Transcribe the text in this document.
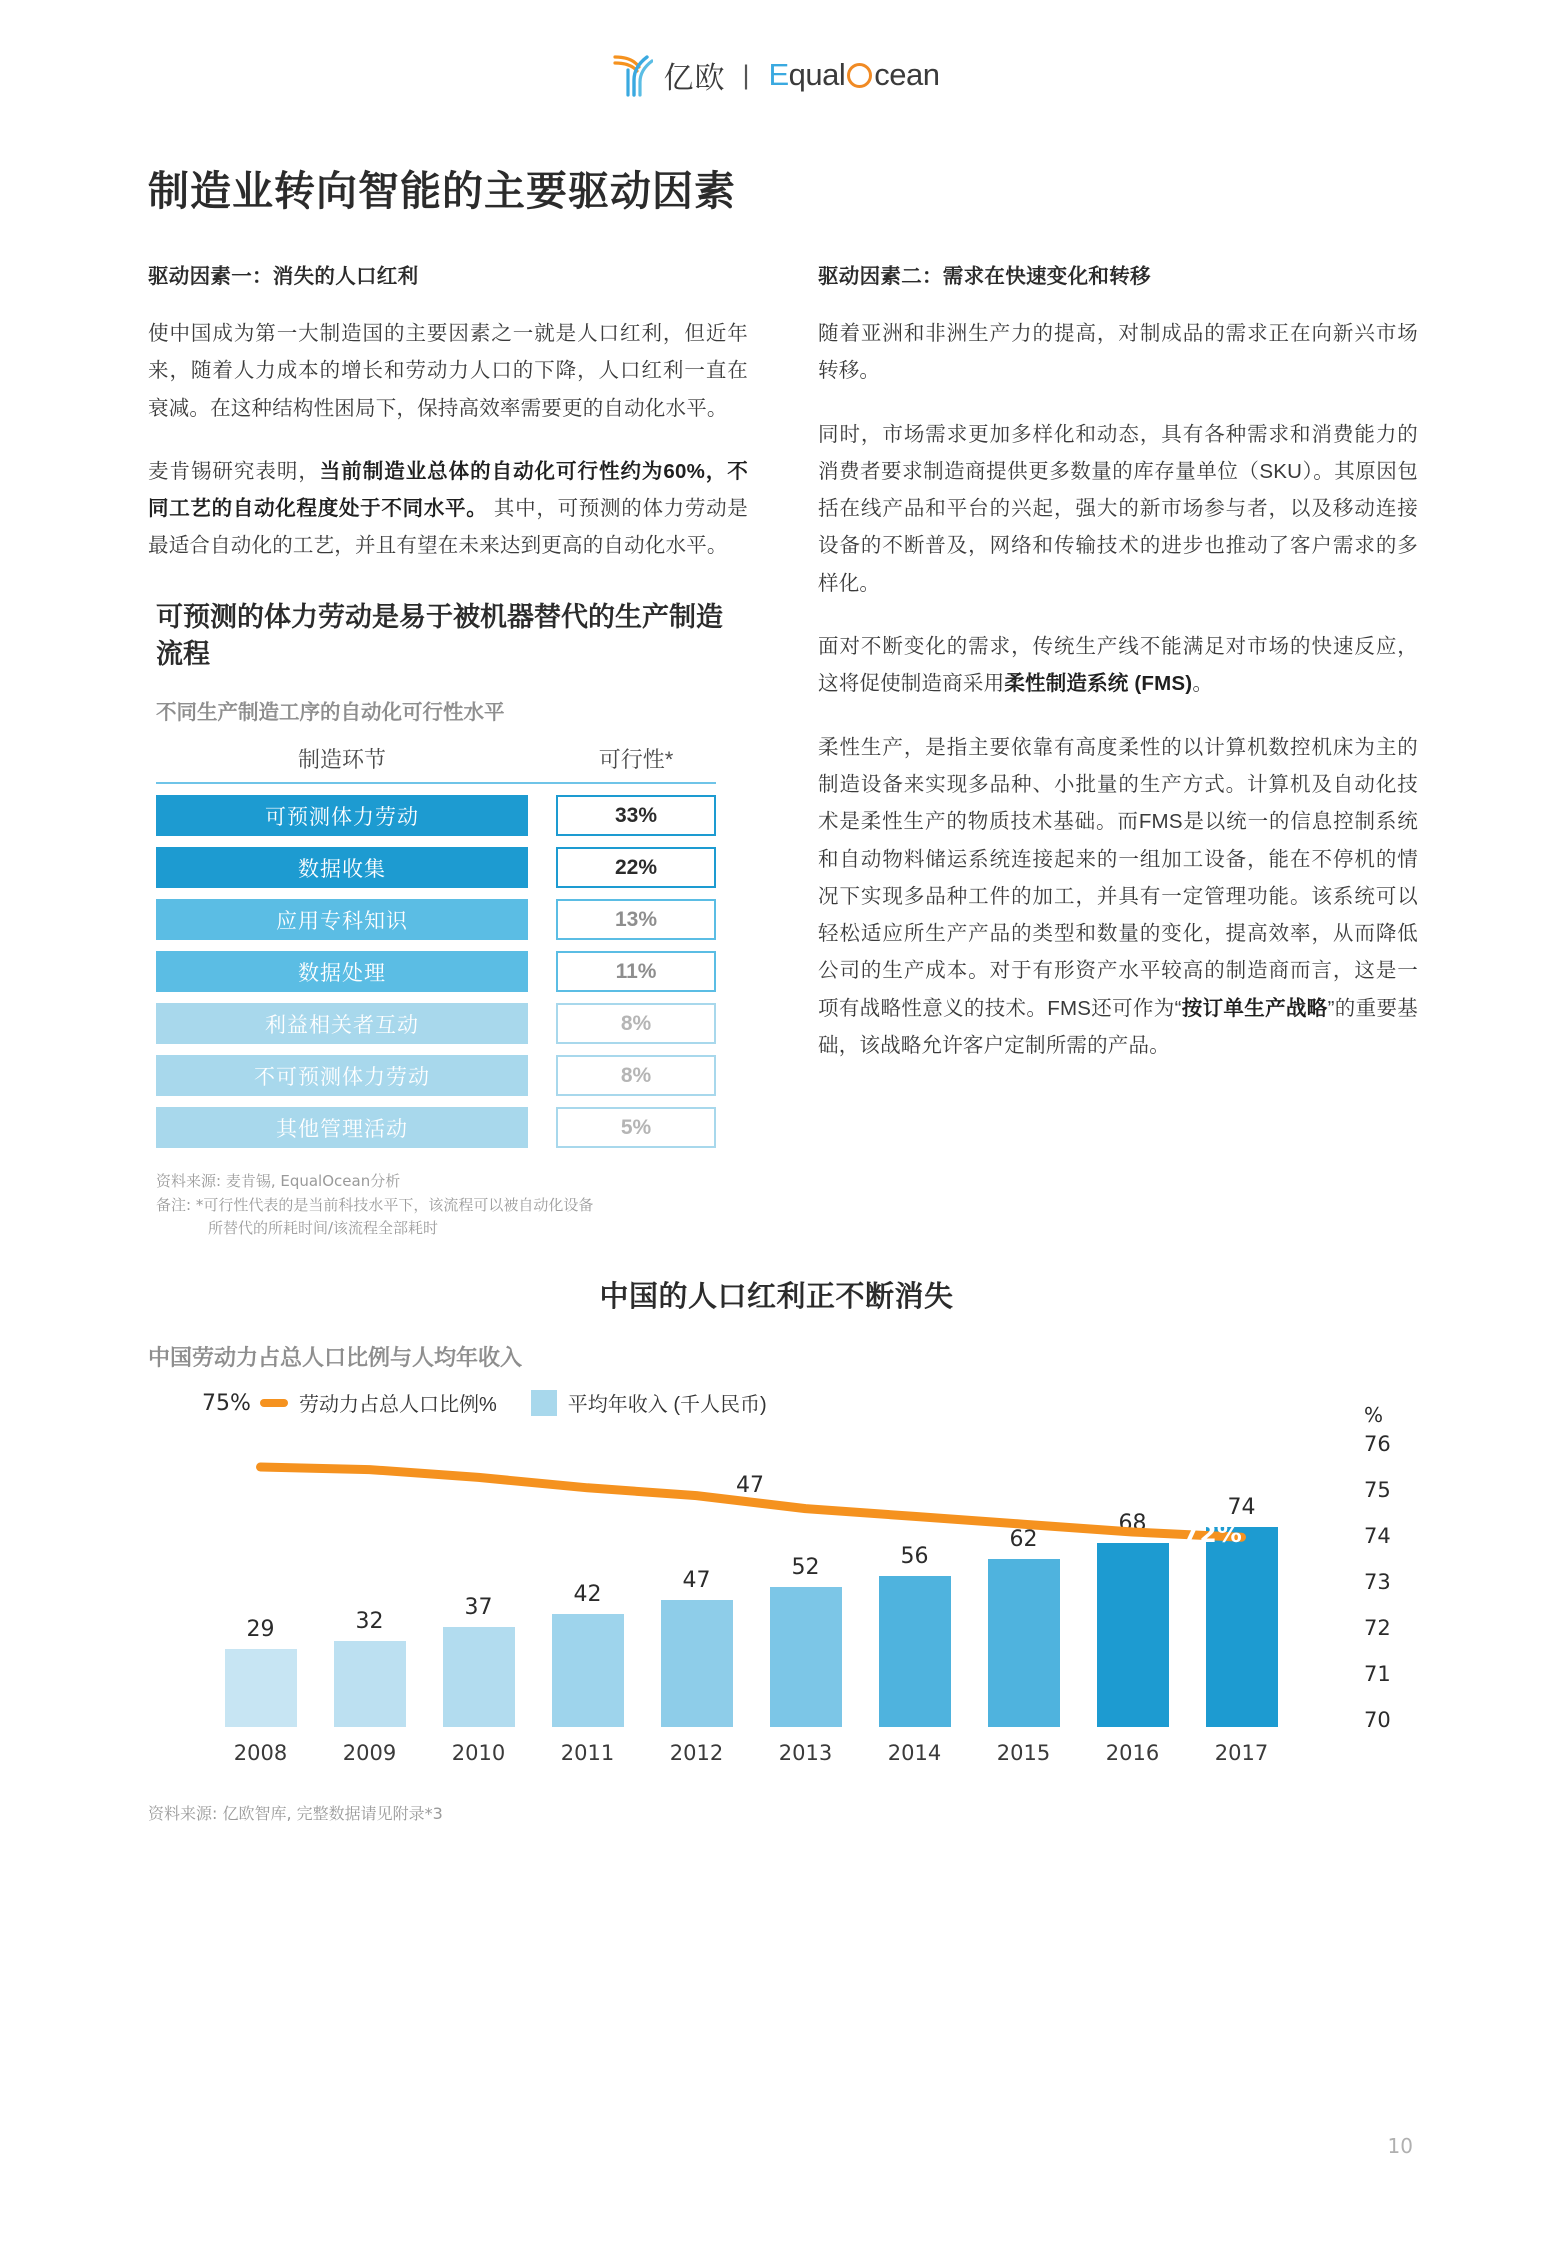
亿欧 | E qual cean
制造业转向智能的主要驱动因素
驱动因素一：消失的人口红利

使中国成为第一大制造国的主要因素之一就是人口红利，但近年来，随着人力成本的增长和劳动力人口的下降，人口红利一直在衰减。在这种结构性困局下，保持高效率需要更的自动化水平。

麦肯锡研究表明，当前制造业总体的自动化可行性约为60%，不同工艺的自动化程度处于不同水平。 其中，可预测的体力劳动是最适合自动化的工艺，并且有望在未来达到更高的自动化水平。

可预测的体力劳动是易于被机器替代的生产制造流程
不同生产制造工序的自动化可行性水平
制造环节	可行性*
可预测体力劳动	33%
数据收集	22%
应用专科知识	13%
数据处理	11%
利益相关者互动	8%
不可预测体力劳动	8%
其他管理活动	5%
资料来源: 麦肯锡, EqualOcean分析
备注: *可行性代表的是当前科技水平下，该流程可以被自动化设备
所替代的所耗时间/该流程全部耗时
驱动因素二：需求在快速变化和转移

随着亚洲和非洲生产力的提高，对制成品的需求正在向新兴市场转移。

同时，市场需求更加多样化和动态，具有各种需求和消费能力的消费者要求制造商提供更多数量的库存量单位（SKU）。其原因包括在线产品和平台的兴起，强大的新市场参与者，以及移动连接设备的不断普及，网络和传输技术的进步也推动了客户需求的多样化。

面对不断变化的需求，传统生产线不能满足对市场的快速反应，这将促使制造商采用柔性制造系统 (FMS)。

柔性生产，是指主要依靠有高度柔性的以计算机数控机床为主的制造设备来实现多品种、小批量的生产方式。计算机及自动化技术是柔性生产的物质技术基础。而FMS是以统一的信息控制系统和自动物料储运系统连接起来的一组加工设备，能在不停机的情况下实现多品种工件的加工，并具有一定管理功能。该系统可以轻松适应所生产产品的类型和数量的变化，提高效率，从而降低公司的生产成本。对于有形资产水平较高的制造商而言，这是一项有战略性意义的技术。FMS还可作为“按订单生产战略”的重要基础，该战略允许客户定制所需的产品。

中国的人口红利正不断消失
中国劳动力占总人口比例与人均年收入
劳动力占总人口比例%	平均年收入 (千人民币)
29	32
37
42
47
52	56
62
68
74
75%
47
72%
%
76
75
74
73
72
71
70
2008	2009	2010	2011	2012	2013	2014	2015	2016	2017
资料来源: 亿欧智库, 完整数据请见附录*3
10
